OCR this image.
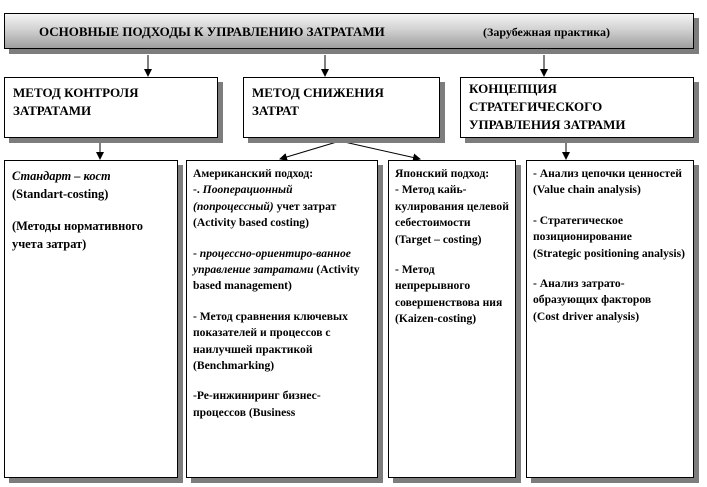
ОСНОВНЫЕ ПОДХОДЫ К УПРАВЛЕНИЮ ЗАТРАТАМИ	(Зарубежная практика)
МЕТОД КОНТРОЛЯ
ЗАТРАТАМИ
МЕТОД СНИЖЕНИЯ
ЗАТРАТ
КОНЦЕПЦИЯ
СТРАТЕГИЧЕСКОГО
УПРАВЛЕНИЯ ЗАТРАМИ

Стандарт – кост

(Standart-costing)

(Методы нормативного учета затрат)

Американский подход:

-. Пооперационный (попроцессный) учет затрат

(Activity based costing)

- процессно-ориентиро-ванное управление затратами (Activity based management)

- Метод сравнения ключевых показателей и процессов с наилучшей практикой (Benchmarking)

-Ре-инжиниринг бизнес-процессов (Business

Японский подход:

- Метод кайь-кулирования целевой себестоимости

(Target – costing)

- Метод непрерывного совершенствова ния

(Kaizen-costing)

- Анализ цепочки ценностей

(Value chain analysis)

- Стратегическое позиционирование

(Strategic positioning analysis)

- Анализ затрато-образующих факторов

(Cost driver analysis)
